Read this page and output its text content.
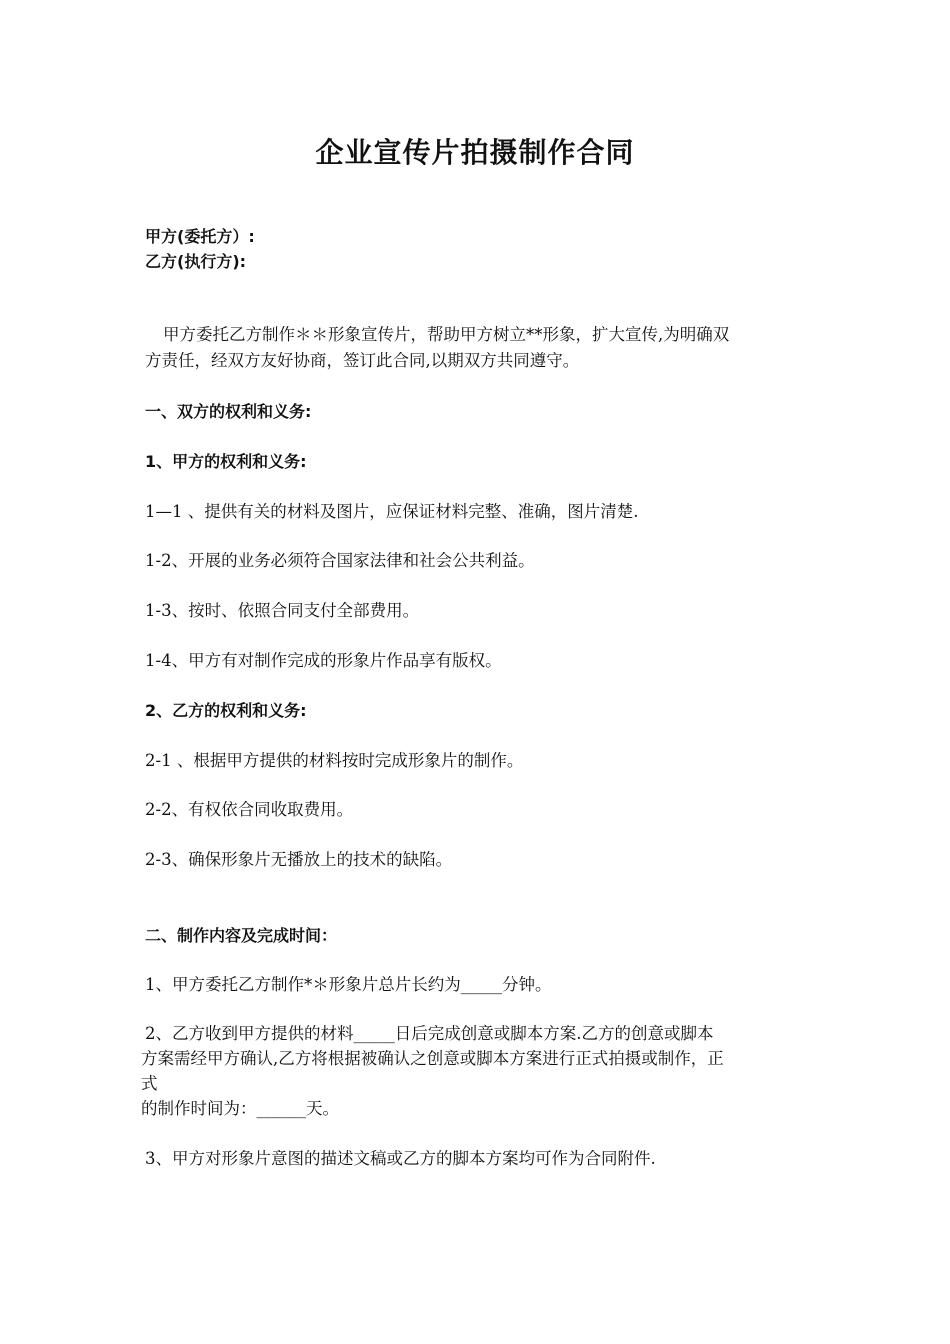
企业宣传片拍摄制作合同

甲方(委托方）:

乙方(执行方):

甲方委托乙方制作＊＊形象宣传片，帮助甲方树立**形象，扩大宣传,为明确双

方责任，经双方友好协商，签订此合同,以期双方共同遵守。

一、双方的权利和义务:

1、甲方的权利和义务:

1—1 、提供有关的材料及图片，应保证材料完整、准确，图片清楚.

1-2、开展的业务必须符合国家法律和社会公共利益。

1-3、按时、依照合同支付全部费用。

1-4、甲方有对制作完成的形象片作品享有版权。

2、乙方的权利和义务:

2-1 、根据甲方提供的材料按时完成形象片的制作。

2-2、有权依合同收取费用。

2-3、确保形象片无播放上的技术的缺陷。

二、制作内容及完成时间：

1、甲方委托乙方制作*＊形象片总片长约为_____分钟。

2、乙方收到甲方提供的材料_____日后完成创意或脚本方案.乙方的创意或脚本

方案需经甲方确认,乙方将根据被确认之创意或脚本方案进行正式拍摄或制作，正

式

的制作时间为：______天。

3、甲方对形象片意图的描述文稿或乙方的脚本方案均可作为合同附件.
